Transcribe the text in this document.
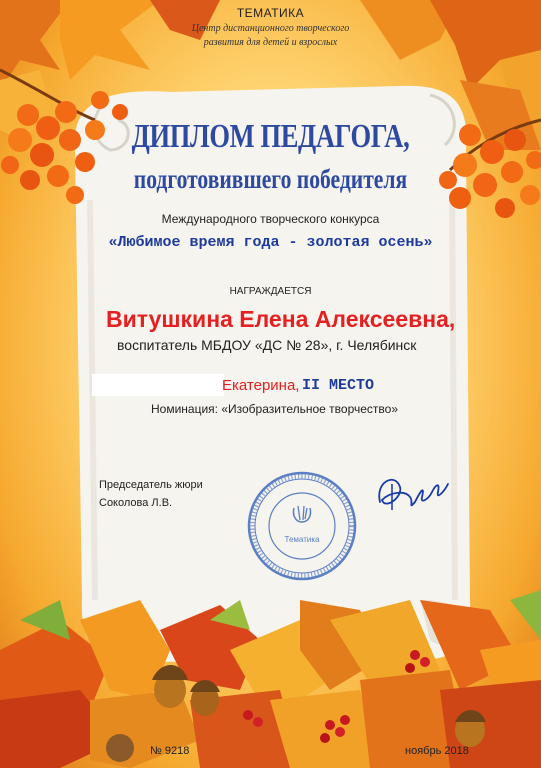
ТЕМАТИКА
Центр дистанционного творческого
развития для детей и взрослых
ДИПЛОМ ПЕДАГОГА,
подготовившего победителя
Международного творческого конкурса
«Любимое время года - золотая осень»
НАГРАЖДАЕТСЯ
Витушкина Елена Алексеевна,
воспитатель МБДОУ «ДС № 28», г. Челябинск
Екатерина, II МЕСТО
Номинация: «Изобразительное творчество»
Председатель жюри
Соколова Л.В.
Тематика
№ 9218	ноябрь 2018
